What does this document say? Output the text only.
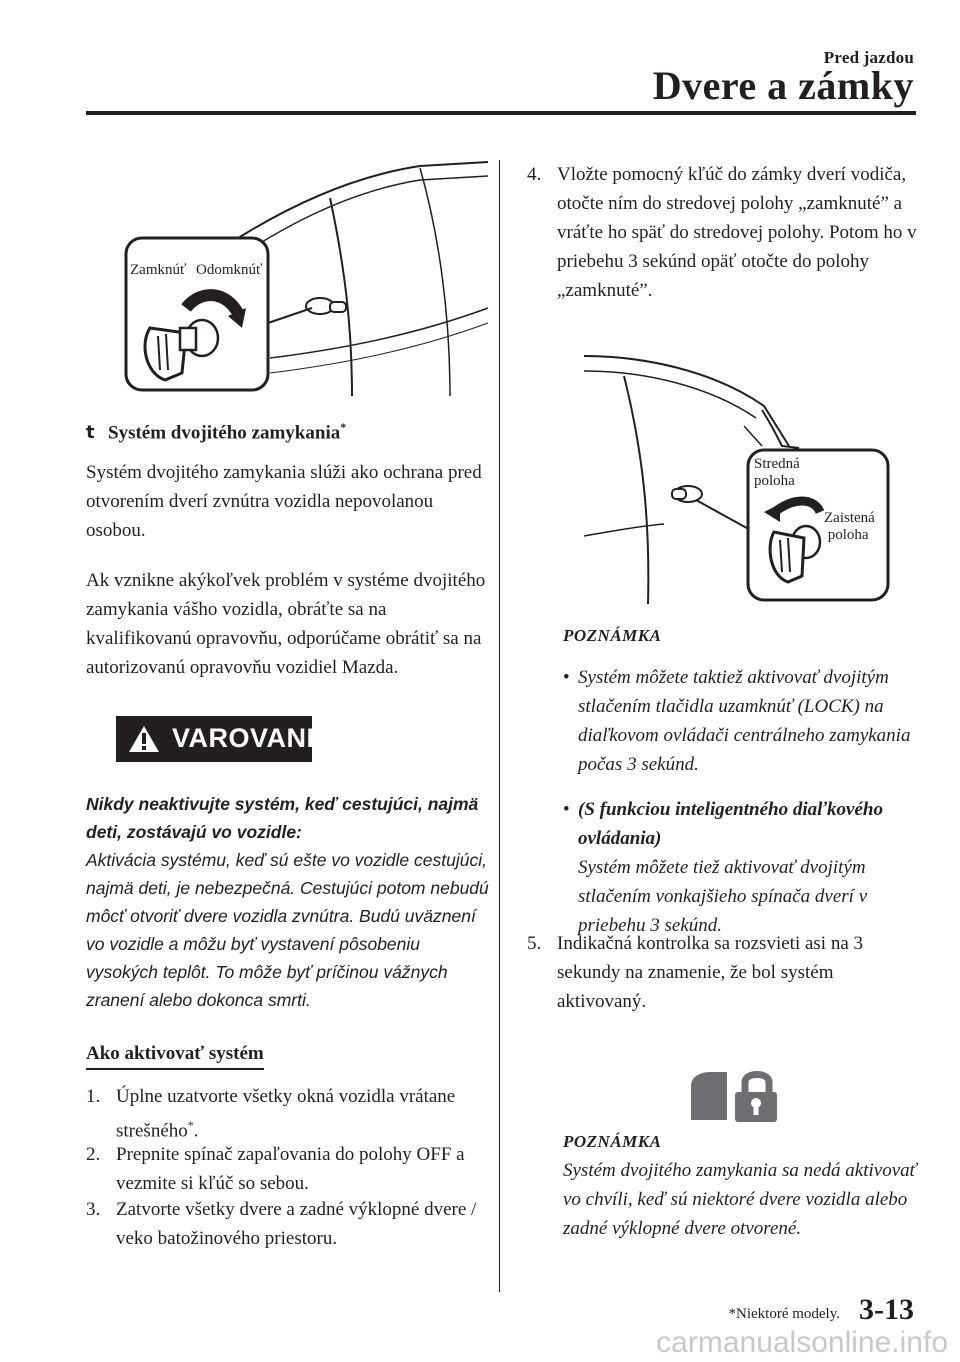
Pred jazdou
Dvere a zámky
Zamknúť Odomknúť
t Systém dvojitého zamykania*
Systém dvojitého zamykania slúži ako ochrana pred otvorením dverí zvnútra vozidla nepovolanou osobou.
Ak vznikne akýkoľvek problém v systéme dvojitého zamykania vášho vozidla, obráťte sa na kvalifikovanú opravovňu, odporúčame obrátiť sa na autorizovanú opravovňu vozidiel Mazda.
VAROVANIE
Nikdy neaktivujte systém, keď cestujúci, najmä deti, zostávajú vo vozidle:
Aktivácia systému, keď sú ešte vo vozidle cestujúci, najmä deti, je nebezpečná. Cestujúci potom nebudú môcť otvoriť dvere vozidla zvnútra. Budú uväznení vo vozidle a môžu byť vystavení pôsobeniu vysokých teplôt. To môže byť príčinou vážnych zranení alebo dokonca smrti.
Ako aktivovať systém
1. Úplne uzatvorte všetky okná vozidla vrátane strešného*.
2. Prepnite spínač zapaľovania do polohy OFF a vezmite si kľúč so sebou.
3. Zatvorte všetky dvere a zadné výklopné dvere / veko batožinového priestoru.
4. Vložte pomocný kľúč do zámky dverí vodiča, otočte ním do stredovej polohy „zamknuté” a vráťte ho späť do stredovej polohy. Potom ho v priebehu 3 sekúnd opäť otočte do polohy „zamknuté”.
Stredná
poloha
Zaistená
poloha
POZNÁMKA
• Systém môžete taktiež aktivovať dvojitým stlačením tlačidla uzamknúť (LOCK) na diaľkovom ovládači centrálneho zamykania počas 3 sekúnd.
• (S funkciou inteligentného diaľkového ovládania)
Systém môžete tiež aktivovať dvojitým stlačením vonkajšieho spínača dverí v priebehu 3 sekúnd.
5. Indikačná kontrolka sa rozsvieti asi na 3 sekundy na znamenie, že bol systém aktivovaný.
POZNÁMKA
Systém dvojitého zamykania sa nedá aktivovať vo chvíli, keď sú niektoré dvere vozidla alebo zadné výklopné dvere otvorené.
*Niektoré modely. 3-13
carmanualsonline.info
